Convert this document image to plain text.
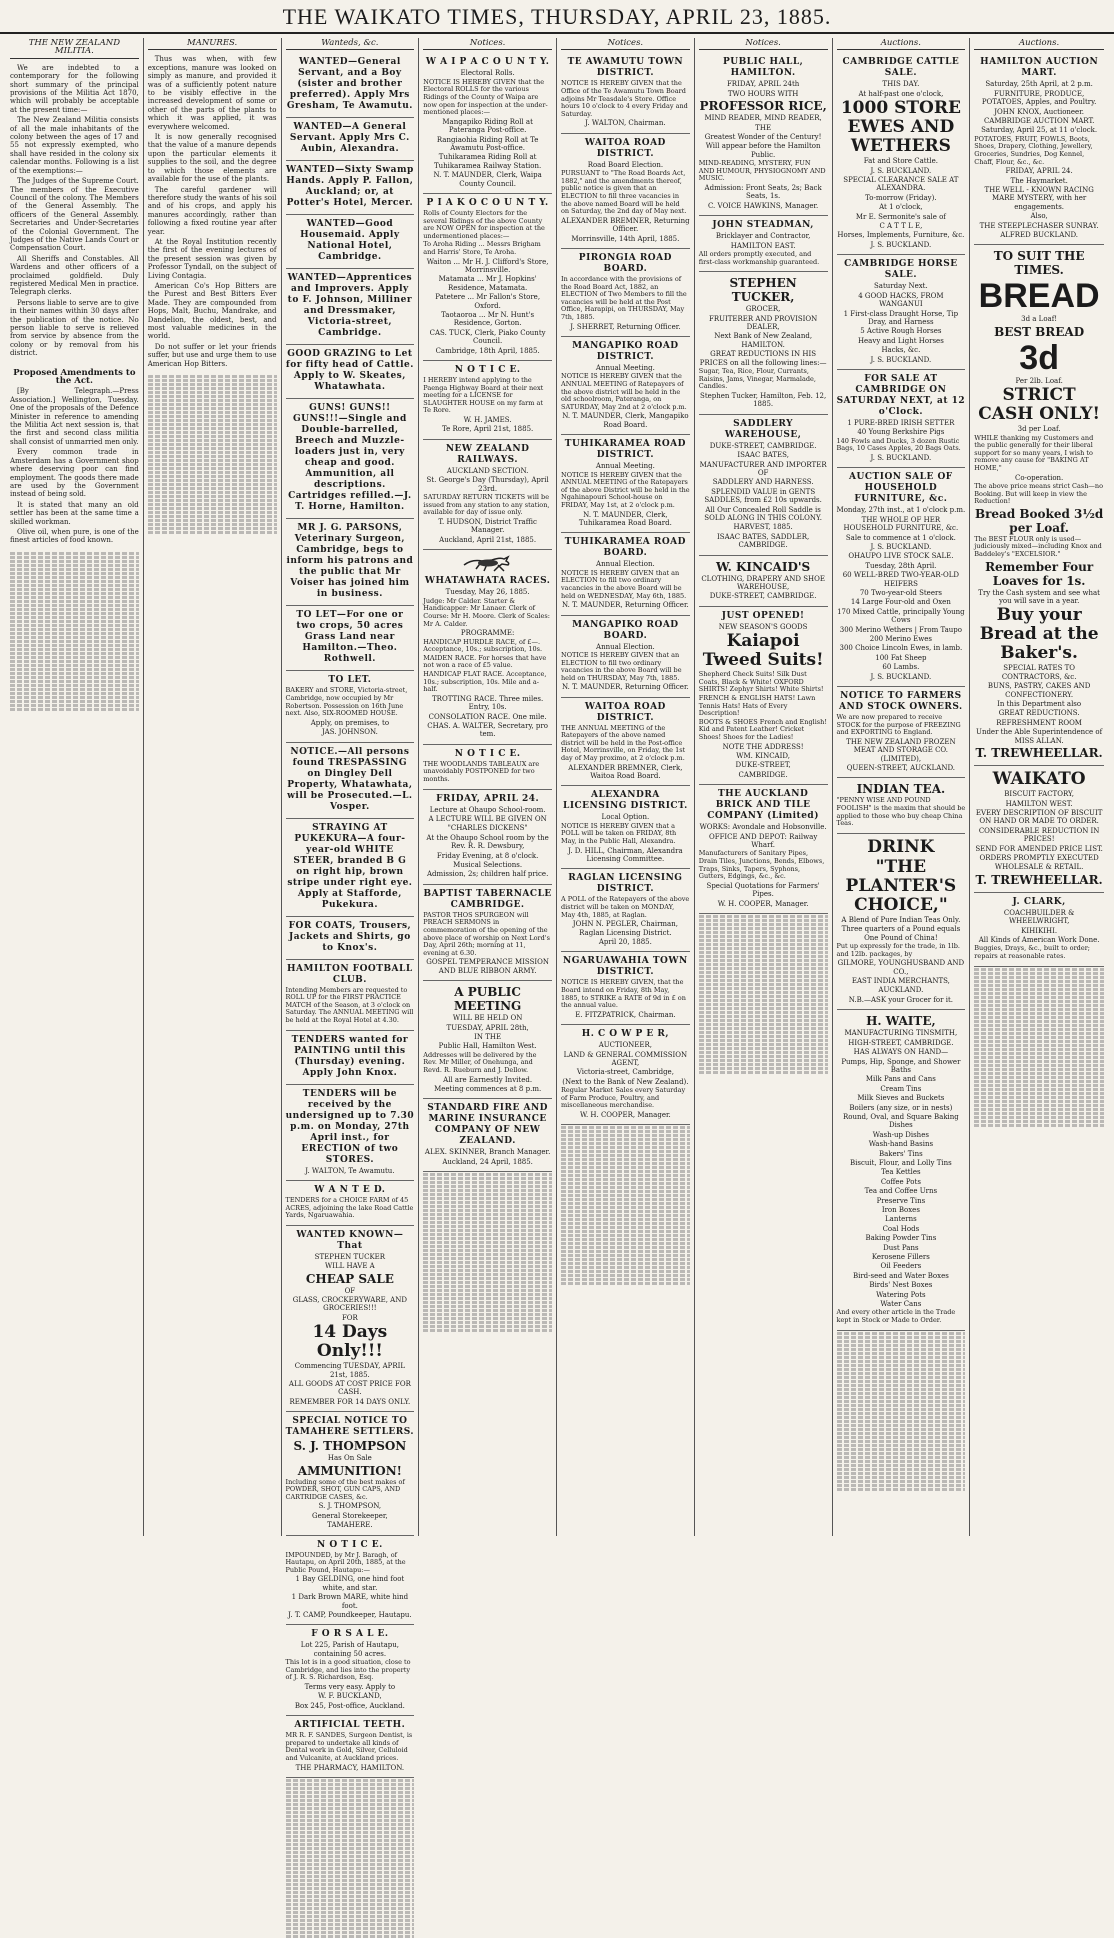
THE WAIKATO TIMES, THURSDAY, APRIL 23, 1885.
THE NEW ZEALAND MILITIA.

We are indebted to a contemporary for the following short summary of the principal provisions of the Militia Act 1870, which will probably be acceptable at the present time:—

The New Zealand Militia consists of all the male inhabitants of the colony between the ages of 17 and 55 not expressly exempted, who shall have resided in the colony six calendar months. Following is a list of the exemptions:—

The Judges of the Supreme Court. The members of the Executive Council of the colony. The Members of the General Assembly. The officers of the General Assembly. Secretaries and Under-Secretaries of the Colonial Government. The Judges of the Native Lands Court or Compensation Court.

All Sheriffs and Constables. All Wardens and other officers of a proclaimed goldfield. Duly registered Medical Men in practice. Telegraph clerks.

Persons liable to serve are to give in their names within 30 days after the publication of the notice. No person liable to serve is relieved from service by absence from the colony or by removal from his district.

Proposed Amendments to the Act.

[By Telegraph.—Press Association.] Wellington, Tuesday. One of the proposals of the Defence Minister in reference to amending the Militia Act next session is, that the first and second class militia shall consist of unmarried men only.

Every common trade in Amsterdam has a Government shop where deserving poor can find employment. The goods there made are used by the Government instead of being sold.

It is stated that many an old settler has been at the same time a skilled workman.

Olive oil, when pure, is one of the finest articles of food known.

MANURES.

Thus was when, with few exceptions, manure was looked on simply as manure, and provided it was of a sufficiently potent nature to be visibly effective in the increased development of some or other of the parts of the plants to which it was applied, it was everywhere welcomed.

It is now generally recognised that the value of a manure depends upon the particular elements it supplies to the soil, and the degree to which those elements are available for the use of the plants.

The careful gardener will therefore study the wants of his soil and of his crops, and apply his manures accordingly, rather than following a fixed routine year after year.

At the Royal Institution recently the first of the evening lectures of the present session was given by Professor Tyndall, on the subject of Living Contagia.

American Co's Hop Bitters are the Purest and Best Bitters Ever Made. They are compounded from Hops, Malt, Buchu, Mandrake, and Dandelion, the oldest, best, and most valuable medicines in the world.

Do not suffer or let your friends suffer, but use and urge them to use American Hop Bitters.

Wanteds, &c.

WANTED—General Servant, and a Boy (sister and brother preferred). Apply Mrs Gresham, Te Awamutu.

WANTED—A General Servant. Apply Mrs C. Aubin, Alexandra.

WANTED—Sixty Swamp Hands. Apply P. Fallon, Auckland; or, at Potter's Hotel, Mercer.

WANTED—Good Housemaid. Apply National Hotel, Cambridge.

WANTED—Apprentices and Improvers. Apply to F. Johnson, Milliner and Dressmaker, Victoria-street, Cambridge.

GOOD GRAZING to Let for fifty head of Cattle. Apply to W. Skeates, Whatawhata.

GUNS! GUNS!! GUNS!!!—Single and Double-barrelled, Breech and Muzzle-loaders just in, very cheap and good. Ammunition, all descriptions. Cartridges refilled.—J. T. Horne, Hamilton.

MR J. G. PARSONS, Veterinary Surgeon, Cambridge, begs to inform his patrons and the public that Mr Voiser has joined him in business.

TO LET—For one or two crops, 50 acres Grass Land near Hamilton.—Theo. Rothwell.

TO LET.

BAKERY and STORE, Victoria-street, Cambridge, now occupied by Mr Robertson. Possession on 16th June next. Also, SIX-ROOMED HOUSE.

Apply, on premises, to

JAS. JOHNSON.

NOTICE.—All persons found TRESPASSING on Dingley Dell Property, Whatawhata, will be Prosecuted.—L. Vosper.

STRAYING AT PUKEKURA—A four-year-old WHITE STEER, branded B G on right hip, brown stripe under right eye. Apply at Stafforde, Pukekura.

FOR COATS, Trousers, Jackets and Shirts, go to Knox's.

HAMILTON FOOTBALL CLUB.

Intending Members are requested to ROLL UP for the FIRST PRACTICE MATCH of the Season, at 3 o'clock on Saturday. The ANNUAL MEETING will be held at the Royal Hotel at 4.30.

TENDERS wanted for PAINTING until this (Thursday) evening. Apply John Knox.

TENDERS will be received by the undersigned up to 7.30 p.m. on Monday, 27th April inst., for ERECTION of two STORES.

J. WALTON, Te Awamutu.

W A N T E D.

TENDERS for a CHOICE FARM of 45 ACRES, adjoining the lake Road Cattle Yards, Ngaruawahia.

WANTED KNOWN—That

STEPHEN TUCKER

WILL HAVE A

CHEAP SALE

OF

GLASS, CROCKERYWARE, AND GROCERIES!!!

FOR

14 Days Only!!!

Commencing TUESDAY, APRIL 21st, 1885.

ALL GOODS AT COST PRICE FOR CASH.

REMEMBER FOR 14 DAYS ONLY.

SPECIAL NOTICE TO TAMAHERE SETTLERS.

S. J. THOMPSON

Has On Sale

AMMUNITION!

Including some of the best makes of POWDER, SHOT, GUN CAPS, AND CARTRIDGE CASES, &c.

S. J. THOMPSON,

General Storekeeper,

TAMAHERE.

N O T I C E.

IMPOUNDED, by Mr J. Baragh, of Hautapu, on April 20th, 1885, at the Public Pound, Hautapu:—

1 Bay GELDING, one hind foot white, and star.

1 Dark Brown MARE, white hind foot.

J. T. CAMP, Poundkeeper, Hautapu.

F O R S A L E.

Lot 225, Parish of Hautapu, containing 50 acres.

This lot is in a good situation, close to Cambridge, and lies into the property of J. R. S. Richardson, Esq.

Terms very easy. Apply to

W. F. BUCKLAND,

Box 245, Post-office, Auckland.

ARTIFICIAL TEETH.

MR R. F. SANDES, Surgeon Dentist, is prepared to undertake all kinds of Dental work in Gold, Silver, Celluloid and Vulcanite, at Auckland prices.

THE PHARMACY, HAMILTON.

Notices.

W A I P A C O U N T Y.

Electoral Rolls.

NOTICE IS HEREBY GIVEN that the Electoral ROLLS for the various Ridings of the County of Waipa are now open for inspection at the under-mentioned places:—

Mangapiko Riding Roll at Pateranga Post-office.

Rangiaohia Riding Roll at Te Awamutu Post-office.

Tuhikaramea Riding Roll at Tuhikaramea Railway Station.

N. T. MAUNDER, Clerk, Waipa County Council.

P I A K O C O U N T Y.

Rolls of County Electors for the several Ridings of the above County are NOW OPEN for inspection at the undermentioned places:—

To Aroha Riding ... Messrs Brigham and Harris' Store, Te Aroha.

Waiton ... Mr H. J. Clifford's Store, Morrinsville.

Matamata ... Mr J. Hopkins' Residence, Matamata.

Patetere ... Mr Fallon's Store, Oxford.

Taotaoroa ... Mr N. Hunt's Residence, Gorton.

CAS. TUCK, Clerk, Piako County Council.

Cambridge, 18th April, 1885.

N O T I C E.

I HEREBY intend applying to the Paenga Highway Board at their next meeting for a LICENSE for SLAUGHTER HOUSE on my farm at Te Rore.

W. H. JAMES.

Te Rore, April 21st, 1885.

NEW ZEALAND RAILWAYS.

AUCKLAND SECTION.

St. George's Day (Thursday), April 23rd.

SATURDAY RETURN TICKETS will be issued from any station to any station, available for day of issue only.

T. HUDSON, District Traffic Manager.

Auckland, April 21st, 1885.

WHATAWHATA RACES.

Tuesday, May 26, 1885.

Judge: Mr Calder. Starter & Handicapper: Mr Lanaer. Clerk of Course: Mr H. Moore. Clerk of Scales: Mr A. Calder.

PROGRAMME:

HANDICAP HURDLE RACE, of £—. Acceptance, 10s.; subscription, 10s.

MAIDEN RACE. For horses that have not won a race of £5 value.

HANDICAP FLAT RACE. Acceptance, 10s.; subscription, 10s. Mile and a-half.

TROTTING RACE. Three miles. Entry, 10s.

CONSOLATION RACE. One mile.

CHAS. A. WALTER, Secretary, pro tem.

N O T I C E.

THE WOODLANDS TABLEAUX are unavoidably POSTPONED for two months.

FRIDAY, APRIL 24.

Lecture at Ohaupo School-room.

A LECTURE WILL BE GIVEN ON

"CHARLES DICKENS"

At the Ohaupo School room by the Rev. R. R. Dewsbury,

Friday Evening, at 8 o'clock.

Musical Selections.

Admission, 2s; children half price.

BAPTIST TABERNACLE CAMBRIDGE.

PASTOR THOS SPURGEON will PREACH SERMONS in commemoration of the opening of the above place of worship on Next Lord's Day, April 26th; morning at 11, evening at 6.30.

GOSPEL TEMPERANCE MISSION AND BLUE RIBBON ARMY.

A PUBLIC MEETING

WILL BE HELD ON

TUESDAY, APRIL 28th,

IN THE

Public Hall, Hamilton West.

Addresses will be delivered by the Rev. Mr Miller, of Onehunga, and Revd. R. Rueburn and J. Dellow.

All are Earnestly Invited.

Meeting commences at 8 p.m.

STANDARD FIRE AND MARINE INSURANCE COMPANY OF NEW ZEALAND.

ALEX. SKINNER, Branch Manager.

Auckland, 24 April, 1885.

Notices.

TE AWAMUTU TOWN DISTRICT.

NOTICE IS HEREBY GIVEN that the Office of the Te Awamutu Town Board adjoins Mr Teasdale's Store. Office hours 10 o'clock to 4 every Friday and Saturday.

J. WALTON, Chairman.

WAITOA ROAD DISTRICT.

Road Board Election.

PURSUANT to "The Road Boards Act, 1882," and the amendments thereof, public notice is given that an ELECTION to fill three vacancies in the above named Board will be held on Saturday, the 2nd day of May next.

ALEXANDER BREMNER, Returning Officer.

Morrinsville, 14th April, 1885.

PIRONGIA ROAD BOARD.

In accordance with the provisions of the Road Board Act, 1882, an ELECTION of Two Members to fill the vacancies will be held at the Post Office, Harapipi, on THURSDAY, May 7th, 1885.

J. SHERRET, Returning Officer.

MANGAPIKO ROAD DISTRICT.

Annual Meeting.

NOTICE IS HEREBY GIVEN that the ANNUAL MEETING of Ratepayers of the above district will be held in the old schoolroom, Pateranga, on SATURDAY, May 2nd at 2 o'clock p.m.

N. T. MAUNDER, Clerk, Mangapiko Road Board.

TUHIKARAMEA ROAD DISTRICT.

Annual Meeting.

NOTICE IS HEREBY GIVEN that the ANNUAL MEETING of the Ratepayers of the above District will be held in the Ngahinapouri School-house on FRIDAY, May 1st, at 2 o'clock p.m.

N. T. MAUNDER, Clerk, Tuhikaramea Road Board.

TUHIKARAMEA ROAD BOARD.

Annual Election.

NOTICE IS HEREBY GIVEN that an ELECTION to fill two ordinary vacancies in the above Board will be held on WEDNESDAY, May 6th, 1885.

N. T. MAUNDER, Returning Officer.

MANGAPIKO ROAD BOARD.

Annual Election.

NOTICE IS HEREBY GIVEN that an ELECTION to fill two ordinary vacancies in the above Board will be held on THURSDAY, May 7th, 1885.

N. T. MAUNDER, Returning Officer.

WAITOA ROAD DISTRICT.

THE ANNUAL MEETING of the Ratepayers of the above named district will be held in the Post-office Hotel, Morrinsville, on Friday, the 1st day of May proximo, at 2 o'clock p.m.

ALEXANDER BREMNER, Clerk, Waitoa Road Board.

ALEXANDRA LICENSING DISTRICT.

Local Option.

NOTICE IS HEREBY GIVEN that a POLL will be taken on FRIDAY, 8th May, in the Public Hall, Alexandra.

J. D. HILL, Chairman, Alexandra Licensing Committee.

RAGLAN LICENSING DISTRICT.

A POLL of the Ratepayers of the above district will be taken on MONDAY, May 4th, 1885, at Raglan.

JOHN N. PEGLER, Chairman, Raglan Licensing District.

April 20, 1885.

NGARUAWAHIA TOWN DISTRICT.

NOTICE IS HEREBY GIVEN, that the Board intend on Friday, 8th May, 1885, to STRIKE a RATE of 9d in £ on the annual value.

E. FITZPATRICK, Chairman.

H. C O W P E R,

AUCTIONEER,

LAND & GENERAL COMMISSION AGENT,

Victoria-street, Cambridge,

(Next to the Bank of New Zealand).

Regular Market Sales every Saturday of Farm Produce, Poultry, and miscellaneous merchandise.

W. H. COOPER, Manager.

Notices.

PUBLIC HALL, HAMILTON.

FRIDAY, APRIL 24th

TWO HOURS WITH

PROFESSOR RICE,

MIND READER, MIND READER,

THE

Greatest Wonder of the Century!

Will appear before the Hamilton Public.

MIND-READING, MYSTERY, FUN AND HUMOUR, PHYSIOGNOMY AND MUSIC.

Admission: Front Seats, 2s; Back Seats, 1s.

C. VOICE HAWKINS, Manager.

JOHN STEADMAN,

Bricklayer and Contractor,

HAMILTON EAST.

All orders promptly executed, and first-class workmanship guaranteed.

STEPHEN TUCKER,

GROCER,

FRUITERER AND PROVISION DEALER,

Next Bank of New Zealand, HAMILTON.

GREAT REDUCTIONS IN HIS PRICES on all the following lines:—

Sugar, Tea, Rice, Flour, Currants, Raisins, Jams, Vinegar, Marmalade, Candles.

Stephen Tucker, Hamilton, Feb. 12, 1885.

SADDLERY WAREHOUSE,

DUKE-STREET, CAMBRIDGE.

ISAAC BATES,

MANUFACTURER AND IMPORTER OF

SADDLERY AND HARNESS.

SPLENDID VALUE in GENTS SADDLES, from £2 10s upwards.

All Our Concealed Roll Saddle is SOLD ALONG IN THIS COLONY.

HARVEST, 1885.

ISAAC BATES, SADDLER, CAMBRIDGE.

W. KINCAID'S

CLOTHING, DRAPERY AND SHOE WAREHOUSE,

DUKE-STREET, CAMBRIDGE.

JUST OPENED!

NEW SEASON'S GOODS

Kaiapoi Tweed Suits!

Shepherd Check Suits! Silk Dust Coats, Black & White! OXFORD SHIRTS! Zephyr Shirts! White Shirts!

FRENCH & ENGLISH HATS! Lawn Tennis Hats! Hats of Every Description!

BOOTS & SHOES French and English! Kid and Patent Leather! Cricket Shoes! Shoes for the Ladies!

NOTE THE ADDRESS!

WM. KINCAID,

DUKE-STREET,

CAMBRIDGE.

THE AUCKLAND BRICK AND TILE COMPANY (Limited)

WORKS: Avondale and Hobsonville.

OFFICE AND DEPOT: Railway Wharf.

Manufacturers of Sanitary Pipes, Drain Tiles, Junctions, Bends, Elbows, Traps, Sinks, Tapers, Syphons, Gutters, Edgings, &c., &c.

Special Quotations for Farmers' Pipes.

W. H. COOPER, Manager.

Auctions.

CAMBRIDGE CATTLE SALE.

THIS DAY.

At half-past one o'clock,

1000 STORE EWES AND WETHERS

Fat and Store Cattle.

J. S. BUCKLAND.

SPECIAL CLEARANCE SALE AT ALEXANDRA.

To-morrow (Friday).

At 1 o'clock,

Mr E. Sermonite's sale of

C A T T L E,

Horses, Implements, Furniture, &c.

J. S. BUCKLAND.

CAMBRIDGE HORSE SALE.

Saturday Next.

4 GOOD HACKS, FROM WANGANUI

1 First-class Draught Horse, Tip Dray, and Harness

5 Active Rough Horses

Heavy and Light Horses

Hacks, &c.

J. S. BUCKLAND.

FOR SALE AT CAMBRIDGE ON SATURDAY NEXT, at 12 o'Clock.

1 PURE-BRED IRISH SETTER

40 Young Berkshire Pigs

140 Fowls and Ducks, 3 dozen Rustic Bags, 10 Cases Apples, 20 Bags Oats.

J. S. BUCKLAND.

AUCTION SALE OF HOUSEHOLD FURNITURE, &c.

Monday, 27th inst., at 1 o'clock p.m.

THE WHOLE OF HER HOUSEHOLD FURNITURE, &c.

Sale to commence at 1 o'clock.

J. S. BUCKLAND.

OHAUPO LIVE STOCK SALE.

Tuesday, 28th April.

60 WELL-BRED TWO-YEAR-OLD HEIFERS

70 Two-year-old Steers

14 Large Four-old and Oxen

170 Mixed Cattle, principally Young Cows

300 Merino Wethers | From Taupo

200 Merino Ewes

300 Choice Lincoln Ewes, in lamb.

100 Fat Sheep

60 Lambs.

J. S. BUCKLAND.

NOTICE TO FARMERS AND STOCK OWNERS.

We are now prepared to receive STOCK for the purpose of FREEZING and EXPORTING to England.

THE NEW ZEALAND FROZEN MEAT AND STORAGE CO. (LIMITED),

QUEEN-STREET, AUCKLAND.

INDIAN TEA.

"PENNY WISE AND POUND FOOLISH" is the maxim that should be applied to those who buy cheap China Teas.

DRINK

"THE PLANTER'S CHOICE,"

A Blend of Pure Indian Teas Only.

Three quarters of a Pound equals One Pound of China!

Put up expressly for the trade, in 1lb. and 12lb. packages, by

GILMORE, YOUNGHUSBAND AND CO.,

EAST INDIA MERCHANTS,

AUCKLAND.

N.B.—ASK your Grocer for it.

H. WAITE,

MANUFACTURING TINSMITH,

HIGH-STREET, CAMBRIDGE.

HAS ALWAYS ON HAND—

Pumps, Hip, Sponge, and Shower Baths

Milk Pans and Cans

Cream Tins

Milk Sieves and Buckets

Boilers (any size, or in nests)

Round, Oval, and Square Baking Dishes

Wash-up Dishes

Wash-hand Basins

Bakers' Tins

Biscuit, Flour, and Lolly Tins

Tea Kettles

Coffee Pots

Tea and Coffee Urns

Preserve Tins

Iron Boxes

Lanterns

Coal Hods

Baking Powder Tins

Dust Pans

Kerosene Fillers

Oil Feeders

Bird-seed and Water Boxes

Birds' Nest Boxes

Watering Pots

Water Cans

And every other article in the Trade kept in Stock or Made to Order.

Auctions.

HAMILTON AUCTION MART.

Saturday, 25th April, at 2 p.m.

FURNITURE, PRODUCE, POTATOES, Apples, and Poultry.

JOHN KNOX, Auctioneer.

CAMBRIDGE AUCTION MART.

Saturday, April 25, at 11 o'clock.

POTATOES, FRUIT, FOWLS, Boots, Shoes, Drapery, Clothing, Jewellery, Groceries, Sundries, Dog Kennel, Chaff, Flour, &c., &c.

FRIDAY, APRIL 24.

The Haymarket.

THE WELL - KNOWN RACING MARE MYSTERY, with her engagements.

Also,

THE STEEPLECHASER SUNRAY.

ALFRED BUCKLAND.

TO SUIT THE TIMES.

BREAD

3d a Loaf!

BEST BREAD

3d

Per 2lb. Loaf.

STRICT CASH ONLY!

3d per Loaf.

WHILE thanking my Customers and the public generally for their liberal support for so many years, I wish to remove any cause for "BAKING AT HOME,"

Co-operation.

The above price means strict Cash—no Booking. But will keep in view the Reduction!

Bread Booked 3½d per Loaf.

The BEST FLOUR only is used—judiciously mixed—including Knox and Baddeley's "EXCELSIOR."

Remember Four Loaves for 1s.

Try the Cash system and see what you will save in a year.

Buy your Bread at the Baker's.

SPECIAL RATES TO CONTRACTORS, &c.

BUNS, PASTRY, CAKES AND CONFECTIONERY.

In this Department also

GREAT REDUCTIONS.

REFRESHMENT ROOM

Under the Able Superintendence of MISS ALLAN.

T. TREWHEELLAR.

WAIKATO

BISCUIT FACTORY,

HAMILTON WEST.

EVERY DESCRIPTION OF BISCUIT ON HAND OR MADE TO ORDER.

CONSIDERABLE REDUCTION IN PRICES!

SEND FOR AMENDED PRICE LIST.

ORDERS PROMPTLY EXECUTED

WHOLESALE & RETAIL.

T. TREWHEELLAR.

J. CLARK,

COACHBUILDER & WHEELWRIGHT,

KIHIKIHI.

All Kinds of American Work Done.

Buggies, Drays, &c., built to order; repairs at reasonable rates.
